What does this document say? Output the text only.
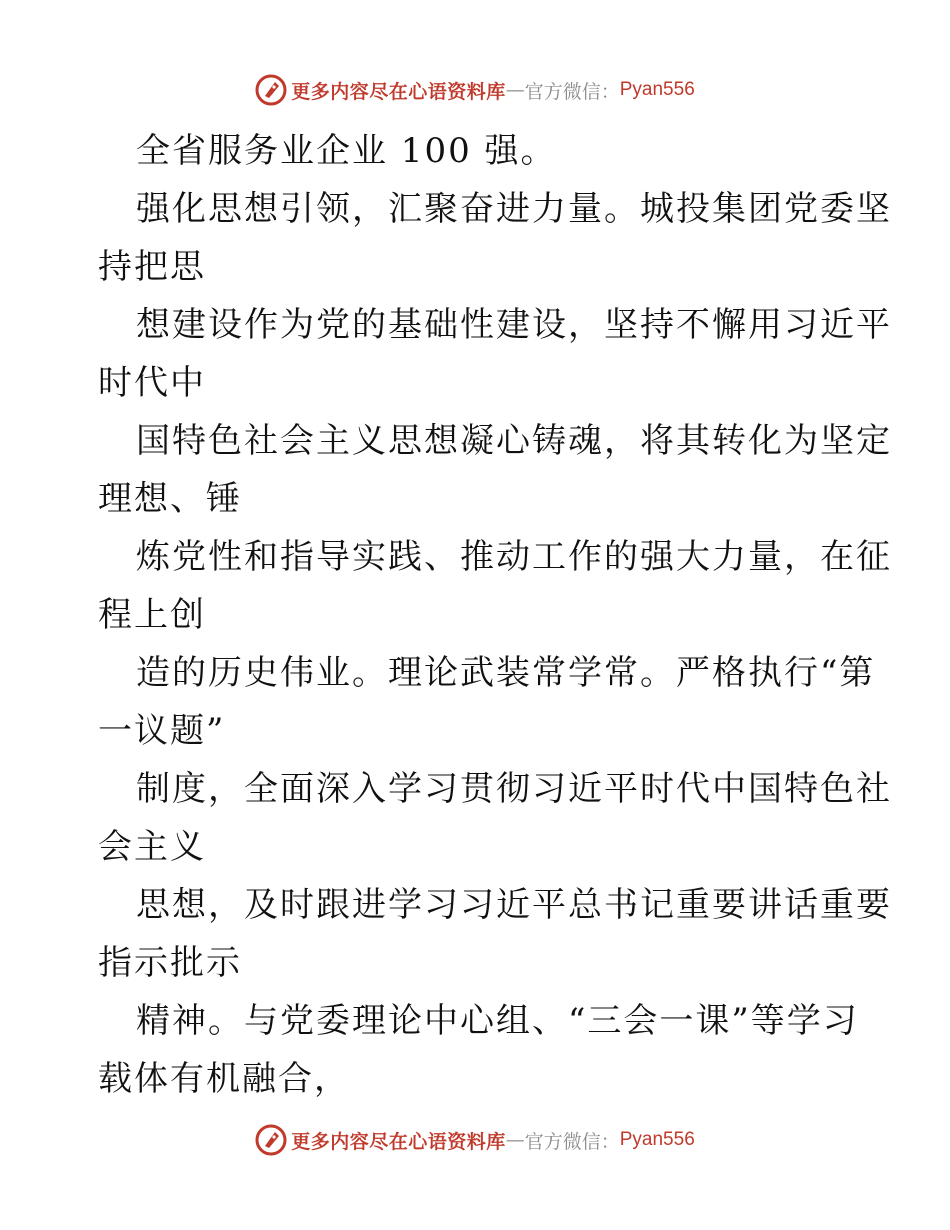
更多内容尽在心语资料库 — 官方微信： Pyan556
全省服务业企业 100 强。
强化思想引领，汇聚奋进力量。城投集团党委坚
持把思
想建设作为党的基础性建设，坚持不懈用习近平
时代中
国特色社会主义思想凝心铸魂，将其转化为坚定
理想、锤
炼党性和指导实践、推动工作的强大力量，在征
程上创
造的历史伟业。理论武装常学常。严格执行“第
一议题”
制度，全面深入学习贯彻习近平时代中国特色社
会主义
思想，及时跟进学习习近平总书记重要讲话重要
指示批示
精神。与党委理论中心组、“三会一课”等学习
载体有机融合，
更多内容尽在心语资料库 — 官方微信： Pyan556
